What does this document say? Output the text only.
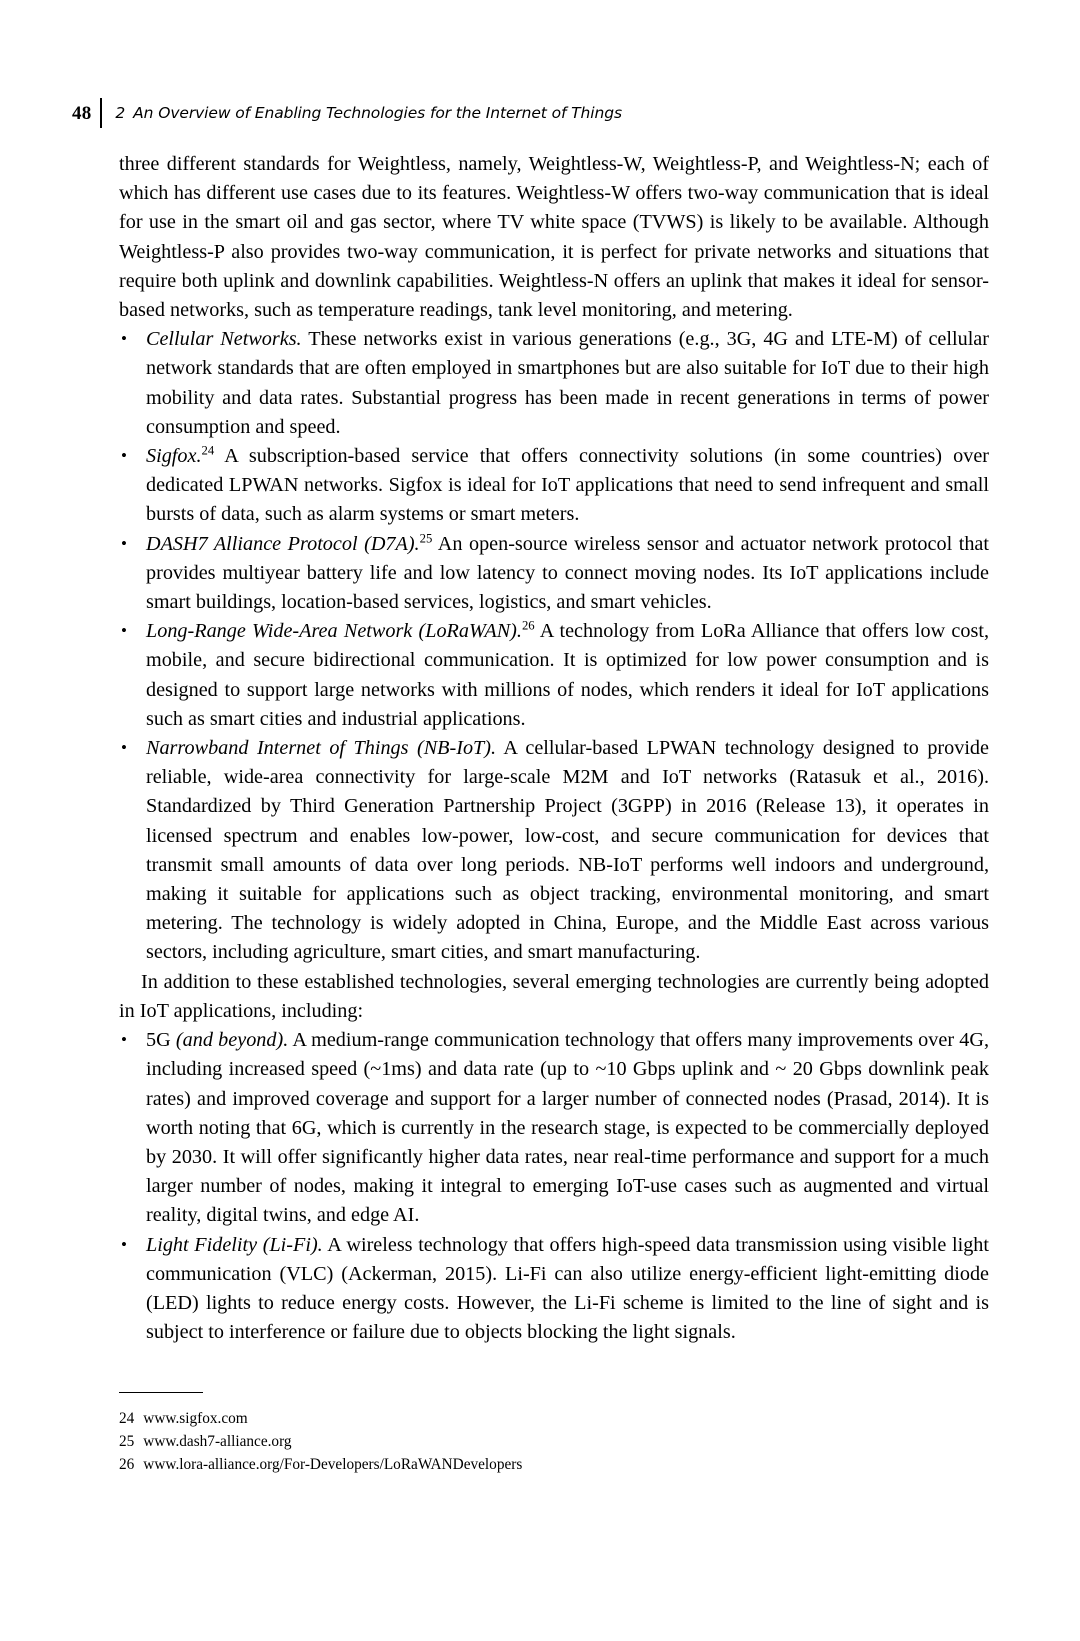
48 2 An Overview of Enabling Technologies for the Internet of Things

three different standards for Weightless, namely, Weightless-W, Weightless-P, and Weightless-N; each of which has different use cases due to its features. Weightless-W offers two-way communication that is ideal for use in the smart oil and gas sector, where TV white space (TVWS) is likely to be available. Although Weightless-P also provides two-way communication, it is perfect for private networks and situations that require both uplink and downlink capabilities. Weightless-N offers an uplink that makes it ideal for sensor-based networks, such as temperature readings, tank level monitoring, and metering.

• Cellular Networks. These networks exist in various generations (e.g., 3G, 4G and LTE-M) of cellular network standards that are often employed in smartphones but are also suitable for IoT due to their high mobility and data rates. Substantial progress has been made in recent generations in terms of power consumption and speed.
• Sigfox.$^{24}$ A subscription-based service that offers connectivity solutions (in some countries) over dedicated LPWAN networks. Sigfox is ideal for IoT applications that need to send infrequent and small bursts of data, such as alarm systems or smart meters.
• DASH7 Alliance Protocol (D7A).$^{25}$ An open-source wireless sensor and actuator network protocol that provides multiyear battery life and low latency to connect moving nodes. Its IoT applications include smart buildings, location-based services, logistics, and smart vehicles.
• Long-Range Wide-Area Network (LoRaWAN).$^{26}$ A technology from LoRa Alliance that offers low cost, mobile, and secure bidirectional communication. It is optimized for low power consumption and is designed to support large networks with millions of nodes, which renders it ideal for IoT applications such as smart cities and industrial applications.
• Narrowband Internet of Things (NB-IoT). A cellular-based LPWAN technology designed to provide reliable, wide-area connectivity for large-scale M2M and IoT networks (Ratasuk et al., 2016). Standardized by Third Generation Partnership Project (3GPP) in 2016 (Release 13), it operates in licensed spectrum and enables low-power, low-cost, and secure communication for devices that transmit small amounts of data over long periods. NB-IoT performs well indoors and underground, making it suitable for applications such as object tracking, environmental monitoring, and smart metering. The technology is widely adopted in China, Europe, and the Middle East across various sectors, including agriculture, smart cities, and smart manufacturing.

In addition to these established technologies, several emerging technologies are currently being adopted in IoT applications, including:

• 5G (and beyond). A medium-range communication technology that offers many improvements over 4G, including increased speed (~1ms) and data rate (up to ~10 Gbps uplink and ~ 20 Gbps downlink peak rates) and improved coverage and support for a larger number of connected nodes (Prasad, 2014). It is worth noting that 6G, which is currently in the research stage, is expected to be commercially deployed by 2030. It will offer significantly higher data rates, near real-time performance and support for a much larger number of nodes, making it integral to emerging IoT-use cases such as augmented and virtual reality, digital twins, and edge AI.
• Light Fidelity (Li-Fi). A wireless technology that offers high-speed data transmission using visible light communication (VLC) (Ackerman, 2015). Li-Fi can also utilize energy-efficient light-emitting diode (LED) lights to reduce energy costs. However, the Li-Fi scheme is limited to the line of sight and is subject to interference or failure due to objects blocking the light signals.

24 www.sigfox.com

25 www.dash7-alliance.org

26 www.lora-alliance.org/For-Developers/LoRaWANDevelopers
